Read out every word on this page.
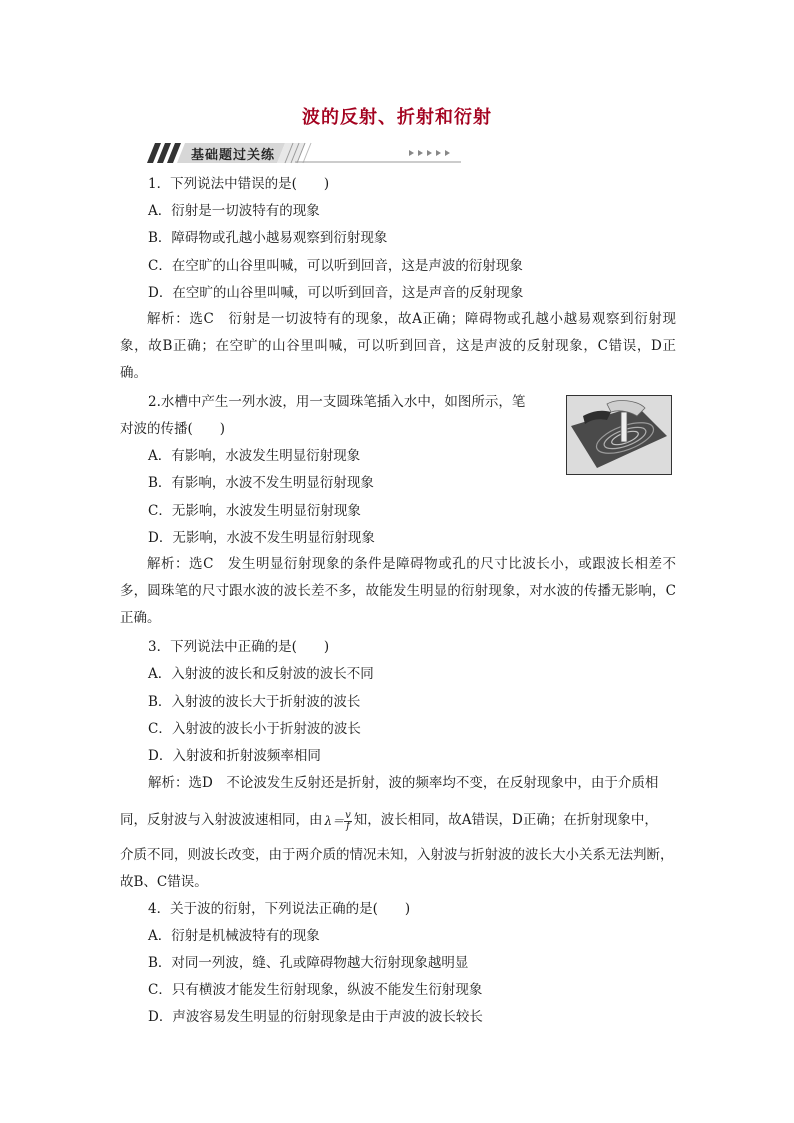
波的反射、折射和衍射
基础题过关练
1．下列说法中错误的是(　　)
A．衍射是一切波特有的现象
B．障碍物或孔越小越易观察到衍射现象
C．在空旷的山谷里叫喊，可以听到回音，这是声波的衍射现象
D．在空旷的山谷里叫喊，可以听到回音，这是声音的反射现象
解析：选C　衍射是一切波特有的现象，故A正确；障碍物或孔越小越易观察到衍射现象，故B正确；在空旷的山谷里叫喊，可以听到回音，这是声波的反射现象，C错误，D正确。
2.水槽中产生一列水波，用一支圆珠笔插入水中，如图所示，笔
对波的传播(　　)
A．有影响，水波发生明显衍射现象
B．有影响，水波不发生明显衍射现象
C．无影响，水波发生明显衍射现象
D．无影响，水波不发生明显衍射现象
解析：选C　发生明显衍射现象的条件是障碍物或孔的尺寸比波长小，或跟波长相差不多，圆珠笔的尺寸跟水波的波长差不多，故能发生明显的衍射现象，对水波的传播无影响，C正确。
3．下列说法中正确的是(　　)
A．入射波的波长和反射波的波长不同
B．入射波的波长大于折射波的波长
C．入射波的波长小于折射波的波长
D．入射波和折射波频率相同
解析：选D　不论波发生反射还是折射，波的频率均不变，在反射现象中，由于介质相
同，反射波与入射波波速相同，由 $\lambda= \frac{v}{f}$ 知，波长相同，故A错误，D正确；在折射现象中，
介质不同，则波长改变，由于两介质的情况未知，入射波与折射波的波长大小关系无法判断，
故B、C错误。
4．关于波的衍射，下列说法正确的是(　　)
A．衍射是机械波特有的现象
B．对同一列波，缝、孔或障碍物越大衍射现象越明显
C．只有横波才能发生衍射现象，纵波不能发生衍射现象
D．声波容易发生明显的衍射现象是由于声波的波长较长
